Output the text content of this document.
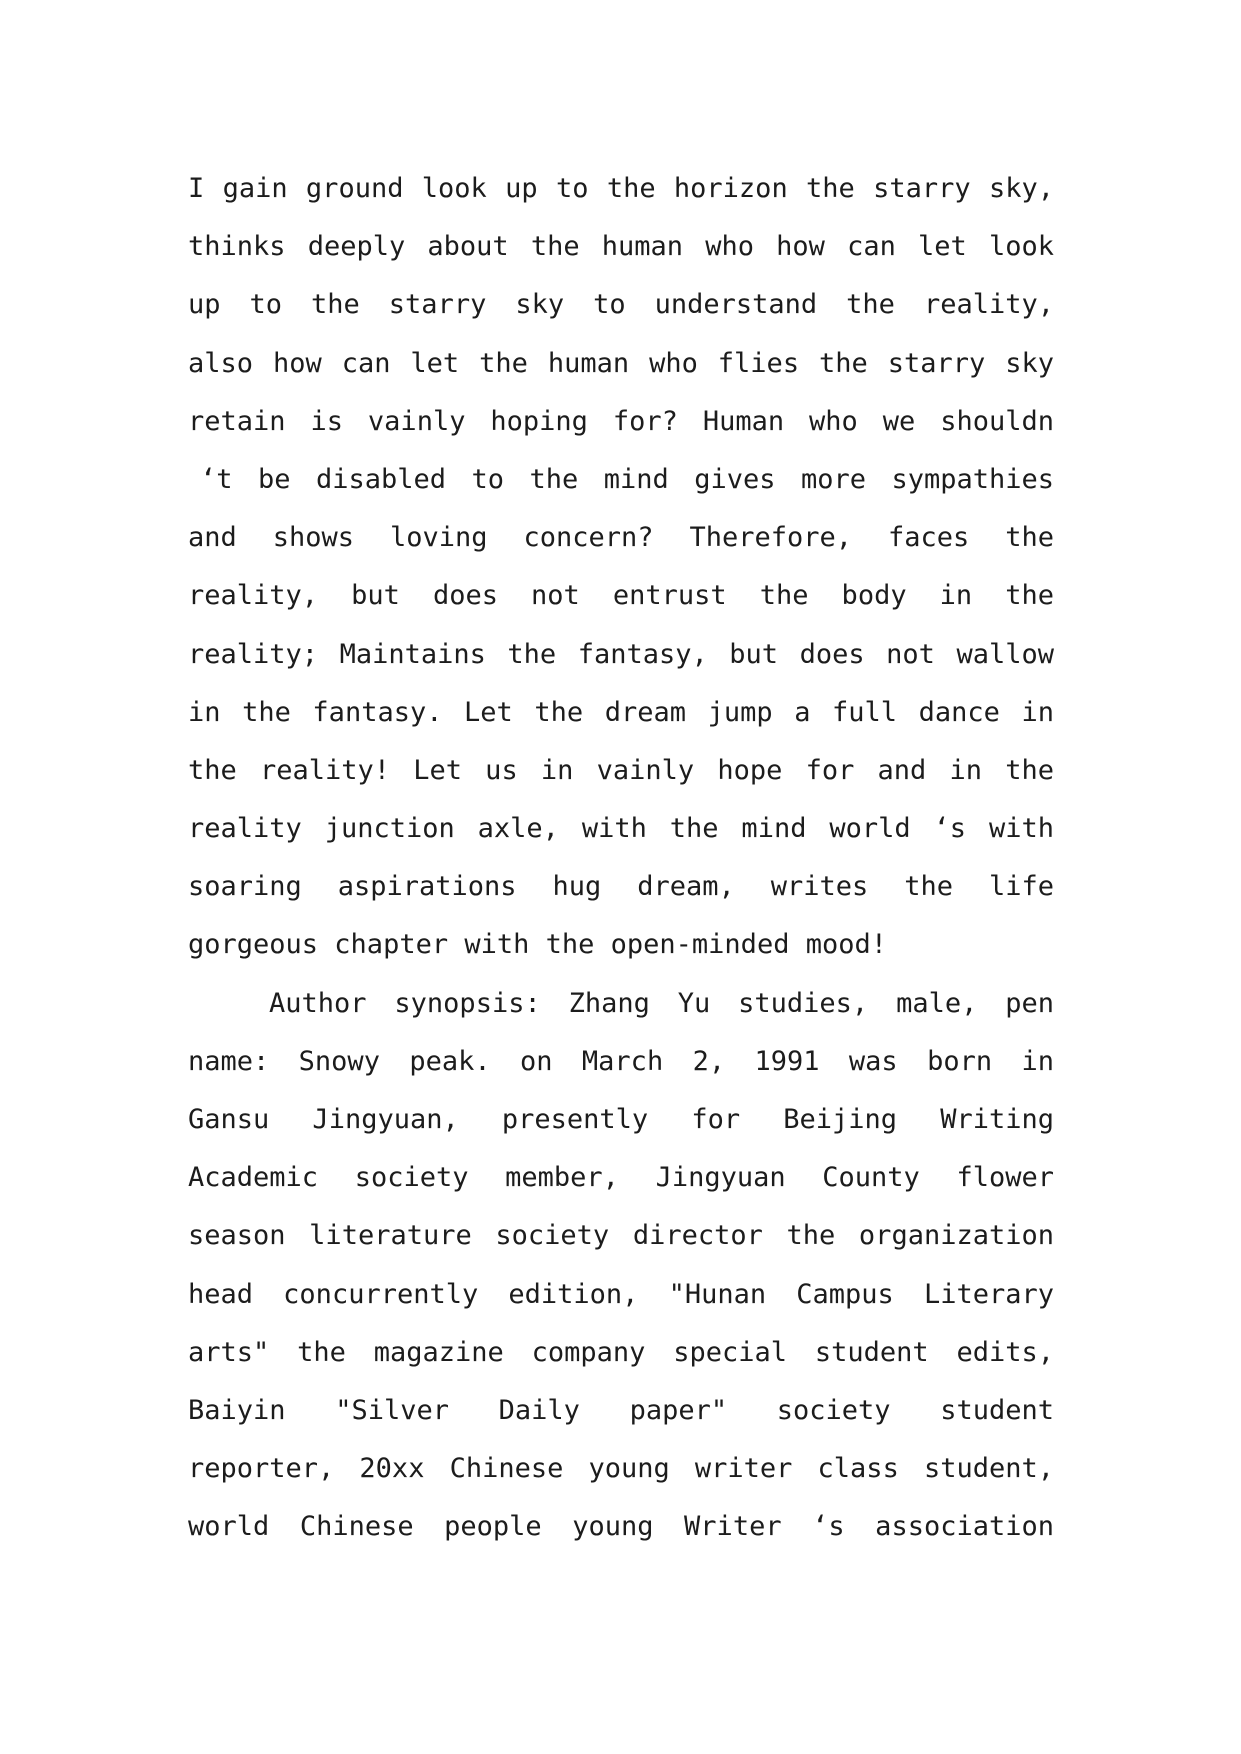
I gain ground look up to the horizon the starry sky,
thinks deeply about the human who how can let look
up to the starry sky to understand the reality,
also how can let the human who flies the starry sky
retain is vainly hoping for? Human who we shouldn
‘t be disabled to the mind gives more sympathies
and shows loving concern? Therefore, faces the
reality, but does not entrust the body in the
reality; Maintains the fantasy, but does not wallow
in the fantasy. Let the dream jump a full dance in
the reality! Let us in vainly hope for and in the
reality junction axle, with the mind world ‘s with
soaring aspirations hug dream, writes the life
gorgeous chapter with the open-minded mood!
Author synopsis: Zhang Yu studies, male, pen
name: Snowy peak. on March 2, 1991 was born in
Gansu Jingyuan, presently for Beijing Writing
Academic society member, Jingyuan County flower
season literature society director the organization
head concurrently edition, "Hunan Campus Literary
arts" the magazine company special student edits,
Baiyin "Silver Daily paper" society student
reporter, 20xx Chinese young writer class student,
world Chinese people young Writer ‘s association
